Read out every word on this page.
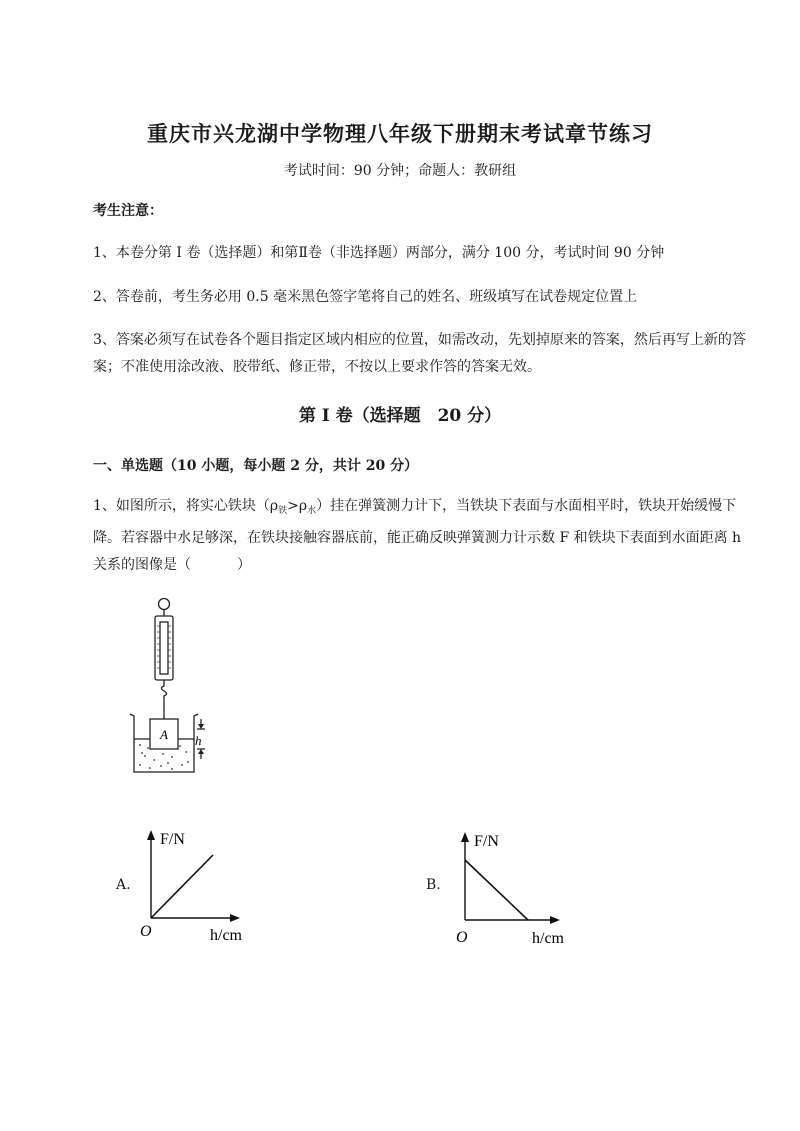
重庆市兴龙湖中学物理八年级下册期末考试章节练习
考试时间：90 分钟；命题人：教研组
考生注意：
1、本卷分第 I 卷（选择题）和第Ⅱ卷（非选择题）两部分，满分 100 分，考试时间 90 分钟
2、答卷前，考生务必用 0.5 毫米黑色签字笔将自己的姓名、班级填写在试卷规定位置上
3、答案必须写在试卷各个题目指定区域内相应的位置，如需改动，先划掉原来的答案，然后再写上新的答案；不准使用涂改液、胶带纸、修正带，不按以上要求作答的答案无效。
第 I 卷（选择题　20 分）
一、单选题（10 小题，每小题 2 分，共计 20 分）
1、如图所示，将实心铁块$(\rho_铁>\rho_水)$挂在弹簧测力计下，当铁块下表面与水面相平时，铁块开始缓慢下降。若容器中水足够深，在铁块接触容器底前，能正确反映弹簧测力计示数 F 和铁块下表面到水面距离 h 关系的图像是（	）
A h
A.
F/N
h/cm
O
B.
F/N
h/cm
O
